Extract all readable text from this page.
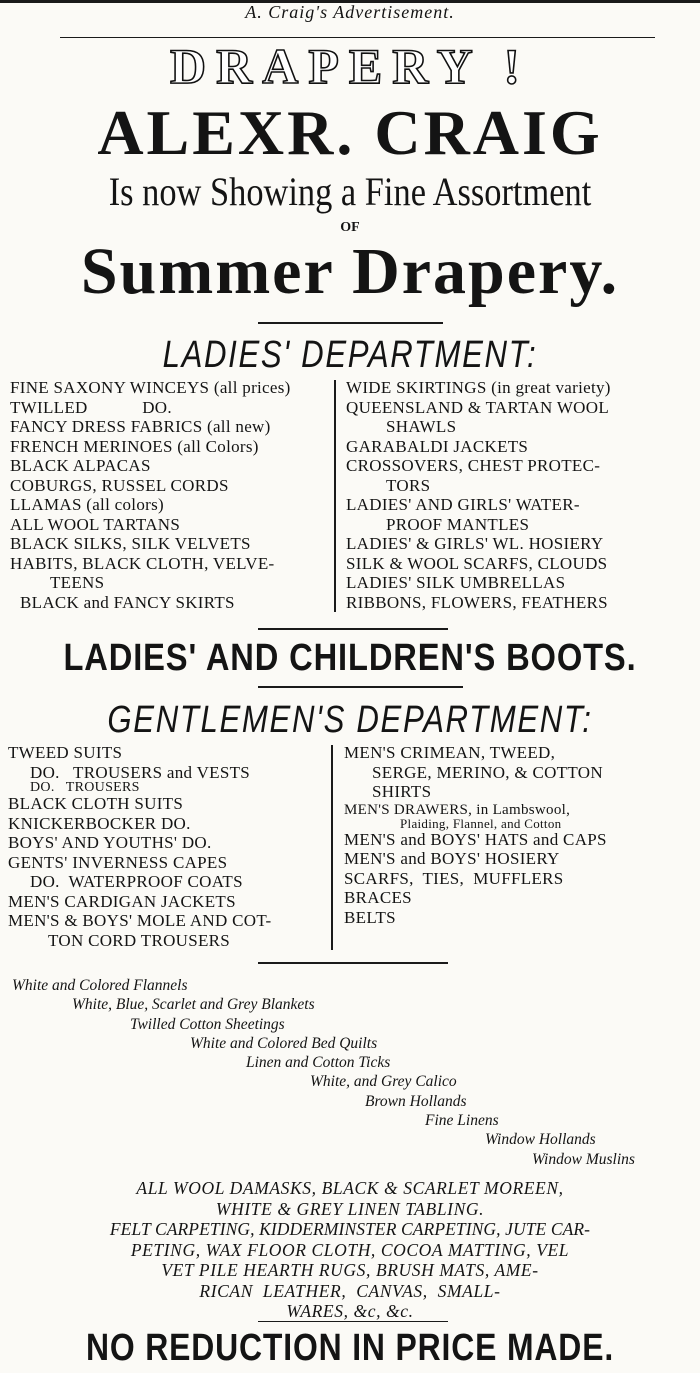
A. Craig's Advertisement.
DRAPERY !
ALEXR. CRAIG
Is now Showing a Fine Assortment
OF
Summer Drapery.
LADIES' DEPARTMENT:
FINE SAXONY WINCEYS (all prices)
TWILLED            DO.
FANCY DRESS FABRICS (all new)
FRENCH MERINOES (all Colors)
BLACK ALPACAS
COBURGS, RUSSEL CORDS
LLAMAS (all colors)
ALL WOOL TARTANS
BLACK SILKS, SILK VELVETS
HABITS, BLACK CLOTH, VELVE-
TEENS
BLACK and FANCY SKIRTS
WIDE SKIRTINGS (in great variety)
QUEENSLAND & TARTAN WOOL
SHAWLS
GARABALDI JACKETS
CROSSOVERS, CHEST PROTEC-
TORS
LADIES' AND GIRLS' WATER-
PROOF MANTLES
LADIES' & GIRLS' WL. HOSIERY
SILK & WOOL SCARFS, CLOUDS
LADIES' SILK UMBRELLAS
RIBBONS, FLOWERS, FEATHERS
LADIES' AND CHILDREN'S BOOTS.
GENTLEMEN'S DEPARTMENT:
TWEED SUITS
DO.   TROUSERS and VESTS
DO.   TROUSERS
BLACK CLOTH SUITS
KNICKERBOCKER DO.
BOYS' AND YOUTHS' DO.
GENTS' INVERNESS CAPES
DO.  WATERPROOF COATS
MEN'S CARDIGAN JACKETS
MEN'S & BOYS' MOLE AND COT-
TON CORD TROUSERS
MEN'S CRIMEAN, TWEED,
SERGE, MERINO, & COTTON
SHIRTS
MEN'S DRAWERS, in Lambswool,
Plaiding, Flannel, and Cotton
MEN'S and BOYS' HATS and CAPS
MEN'S and BOYS' HOSIERY
SCARFS,  TIES,  MUFFLERS
BRACES
BELTS
White and Colored Flannels
White, Blue, Scarlet and Grey Blankets
Twilled Cotton Sheetings
White and Colored Bed Quilts
Linen and Cotton Ticks
White, and Grey Calico
Brown Hollands
Fine Linens
Window Hollands
Window Muslins
ALL WOOL DAMASKS, BLACK & SCARLET MOREEN,
WHITE & GREY LINEN TABLING.
FELT CARPETING, KIDDERMINSTER CARPETING, JUTE CAR-
PETING, WAX FLOOR CLOTH, COCOA MATTING, VEL
VET PILE HEARTH RUGS, BRUSH MATS, AME-
RICAN  LEATHER,  CANVAS,  SMALL-
WARES, &c, &c.
NO REDUCTION IN PRICE MADE.
